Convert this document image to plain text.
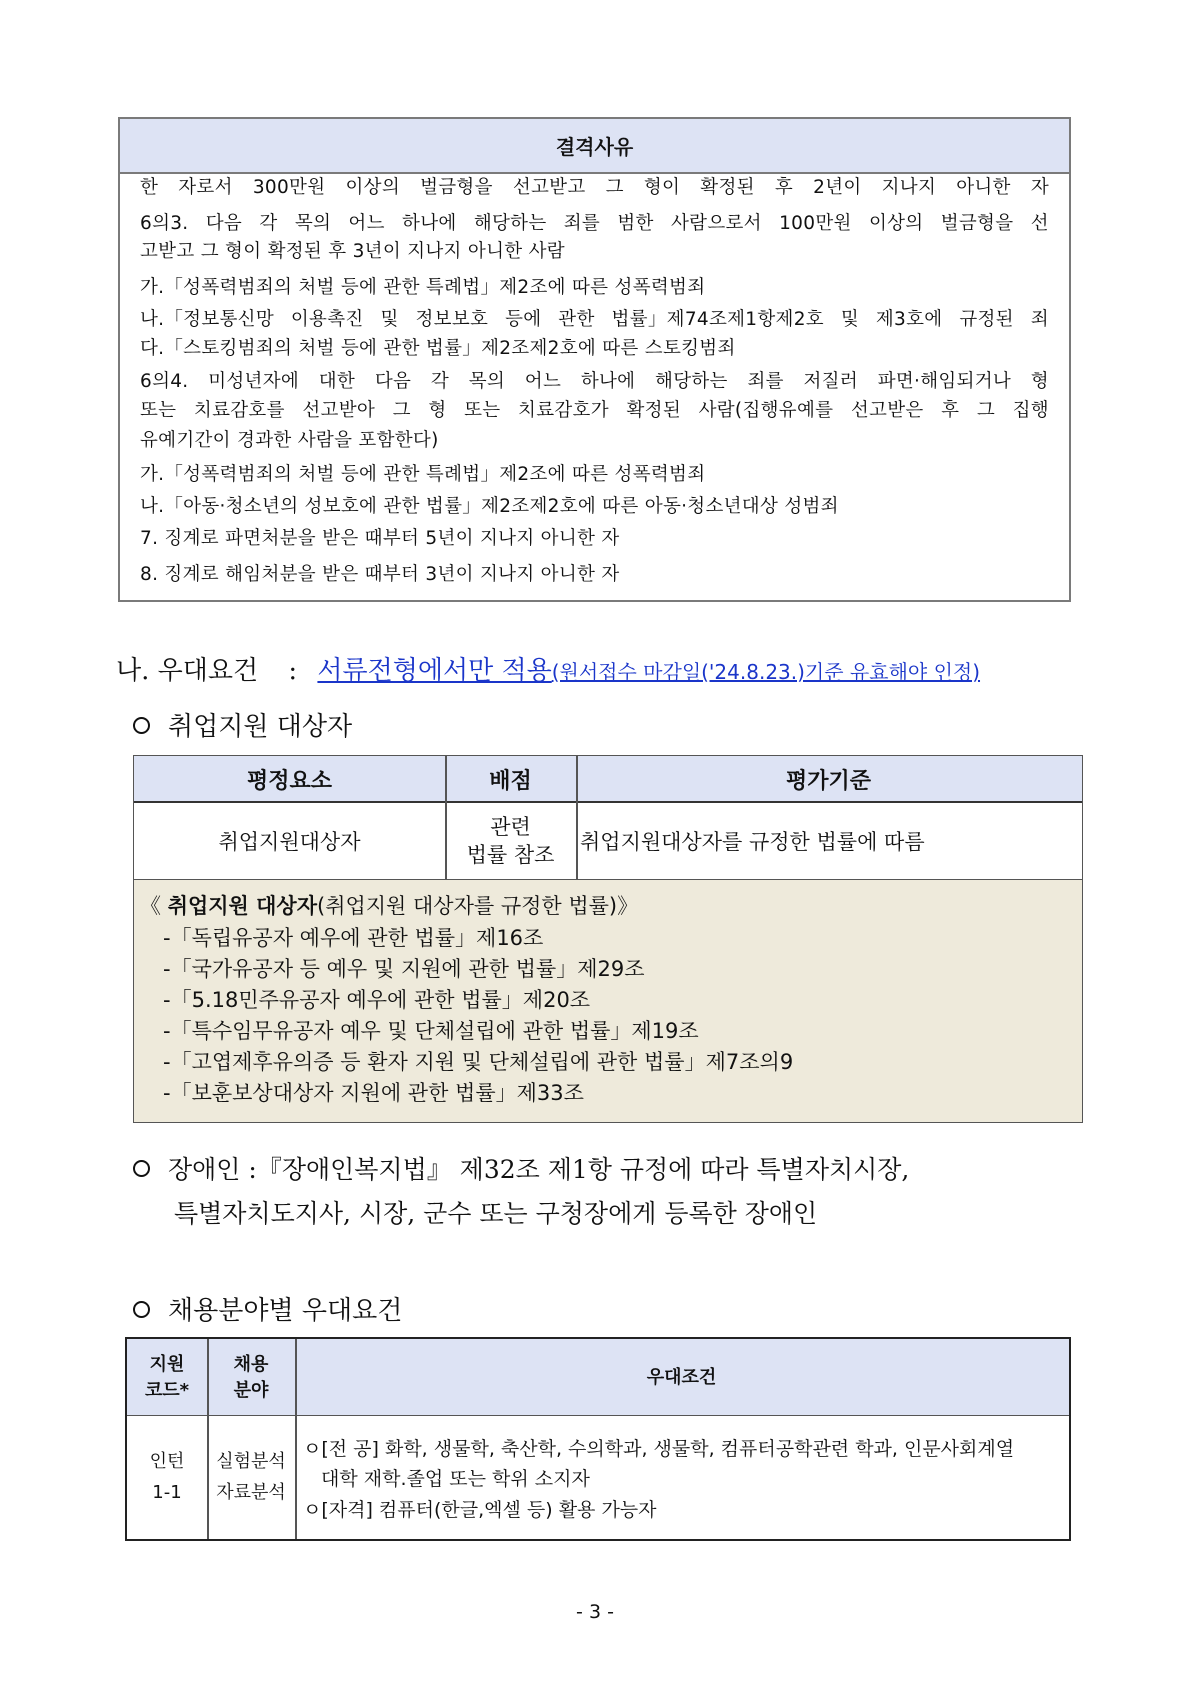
결격사유
한 자로서 300만원 이상의 벌금형을 선고받고 그 형이 확정된 후 2년이 지나지 아니한 자
6의3. 다음 각 목의 어느 하나에 해당하는 죄를 범한 사람으로서 100만원 이상의 벌금형을 선
고받고 그 형이 확정된 후 3년이 지나지 아니한 사람
가.「성폭력범죄의 처벌 등에 관한 특례법」제2조에 따른 성폭력범죄
나.「정보통신망 이용촉진 및 정보보호 등에 관한 법률」제74조제1항제2호 및 제3호에 규정된 죄
다.「스토킹범죄의 처벌 등에 관한 법률」제2조제2호에 따른 스토킹범죄
6의4. 미성년자에 대한 다음 각 목의 어느 하나에 해당하는 죄를 저질러 파면·해임되거나 형
또는 치료감호를 선고받아 그 형 또는 치료감호가 확정된 사람(집행유예를 선고받은 후 그 집행
유예기간이 경과한 사람을 포함한다)
가.「성폭력범죄의 처벌 등에 관한 특례법」제2조에 따른 성폭력범죄
나.「아동·청소년의 성보호에 관한 법률」제2조제2호에 따른 아동·청소년대상 성범죄
7. 징계로 파면처분을 받은 때부터 5년이 지나지 아니한 자
8. 징계로 해임처분을 받은 때부터 3년이 지나지 아니한 자
나. 우대요건 : 서류전형에서만 적용(원서접수 마감일('24.8.23.)기준 유효해야 인정)
취업지원 대상자
평정요소	배점	평가기준
취업지원대상자
관련
법률 참조
취업지원대상자를 규정한 법률에 따름
《 취업지원 대상자(취업지원 대상자를 규정한 법률)》
-「독립유공자 예우에 관한 법률」제16조
-「국가유공자 등 예우 및 지원에 관한 법률」제29조
-「5.18민주유공자 예우에 관한 법률」제20조
-「특수임무유공자 예우 및 단체설립에 관한 법률」제19조
-「고엽제후유의증 등 환자 지원 및 단체설립에 관한 법률」제7조의9
-「보훈보상대상자 지원에 관한 법률」제33조
장애인 :『장애인복지법』 제32조 제1항 규정에 따라 특별자치시장,
특별자치도지사, 시장, 군수 또는 구청장에게 등록한 장애인
채용분야별 우대요건
지원
코드*
채용
분야
우대조건
인턴
1-1
실험분석
자료분석
ㅇ[전 공] 화학, 생물학, 축산학, 수의학과, 생물학, 컴퓨터공학관련 학과, 인문사회계열
대학 재학.졸업 또는 학위 소지자
ㅇ[자격] 컴퓨터(한글,엑셀 등) 활용 가능자
- 3 -
